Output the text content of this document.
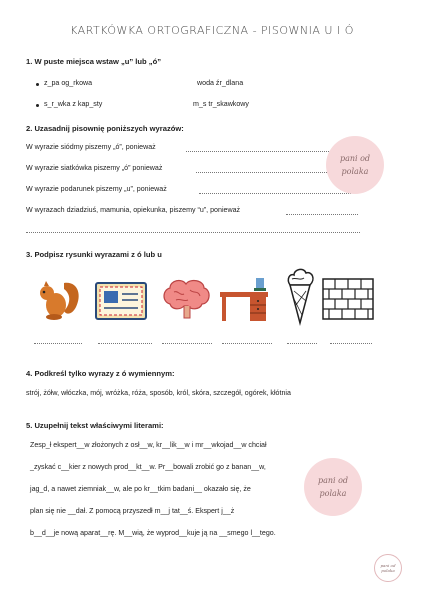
KARTKÓWKA ORTOGRAFICZNA - PISOWNIA U I Ó
1. W puste miejsca wstaw „u” lub „ó”
z_pa og_rkowa	woda źr_dlana
s_r_wka z kap_sty	m_s tr_skawkowy
2. Uzasadnij pisownię poniższych wyrazów:
W wyrazie siódmy piszemy „ó”, ponieważ
W wyrazie siatkówka piszemy „ó” ponieważ
W wyrazie podarunek piszemy „u”, ponieważ
W wyrazach dziadziuś, mamunia, opiekunka, piszemy “u”, ponieważ
pani od
polaka
3. Podpisz rysunki wyrazami z ó lub u
4. Podkreśl tylko wyrazy z ó wymiennym:
strój, żółw, włóczka, mój, wróżka, róża, sposób, król, skóra, szczegół, ogórek, kłótnia
5. Uzupełnij tekst właściwymi literami:
Zesp_ł ekspert__w złożonych z osł__w, kr__lik__w i mr__wkojad__w chciał
_zyskać c__kier z nowych prod__kt__w. Pr__bowali zrobić go z banan__w,
jag_d, a nawet ziemniak__w, ale po kr__tkim badani__ okazało się, że
plan się nie __dał. Z pomocą przyszedł m__j tat__ś. Ekspert j__ż
b__d__je nową aparat__rę. M__wią, że wyprod__kuje ją na __smego l__tego.
pani od
polaka
pani od
polaka
